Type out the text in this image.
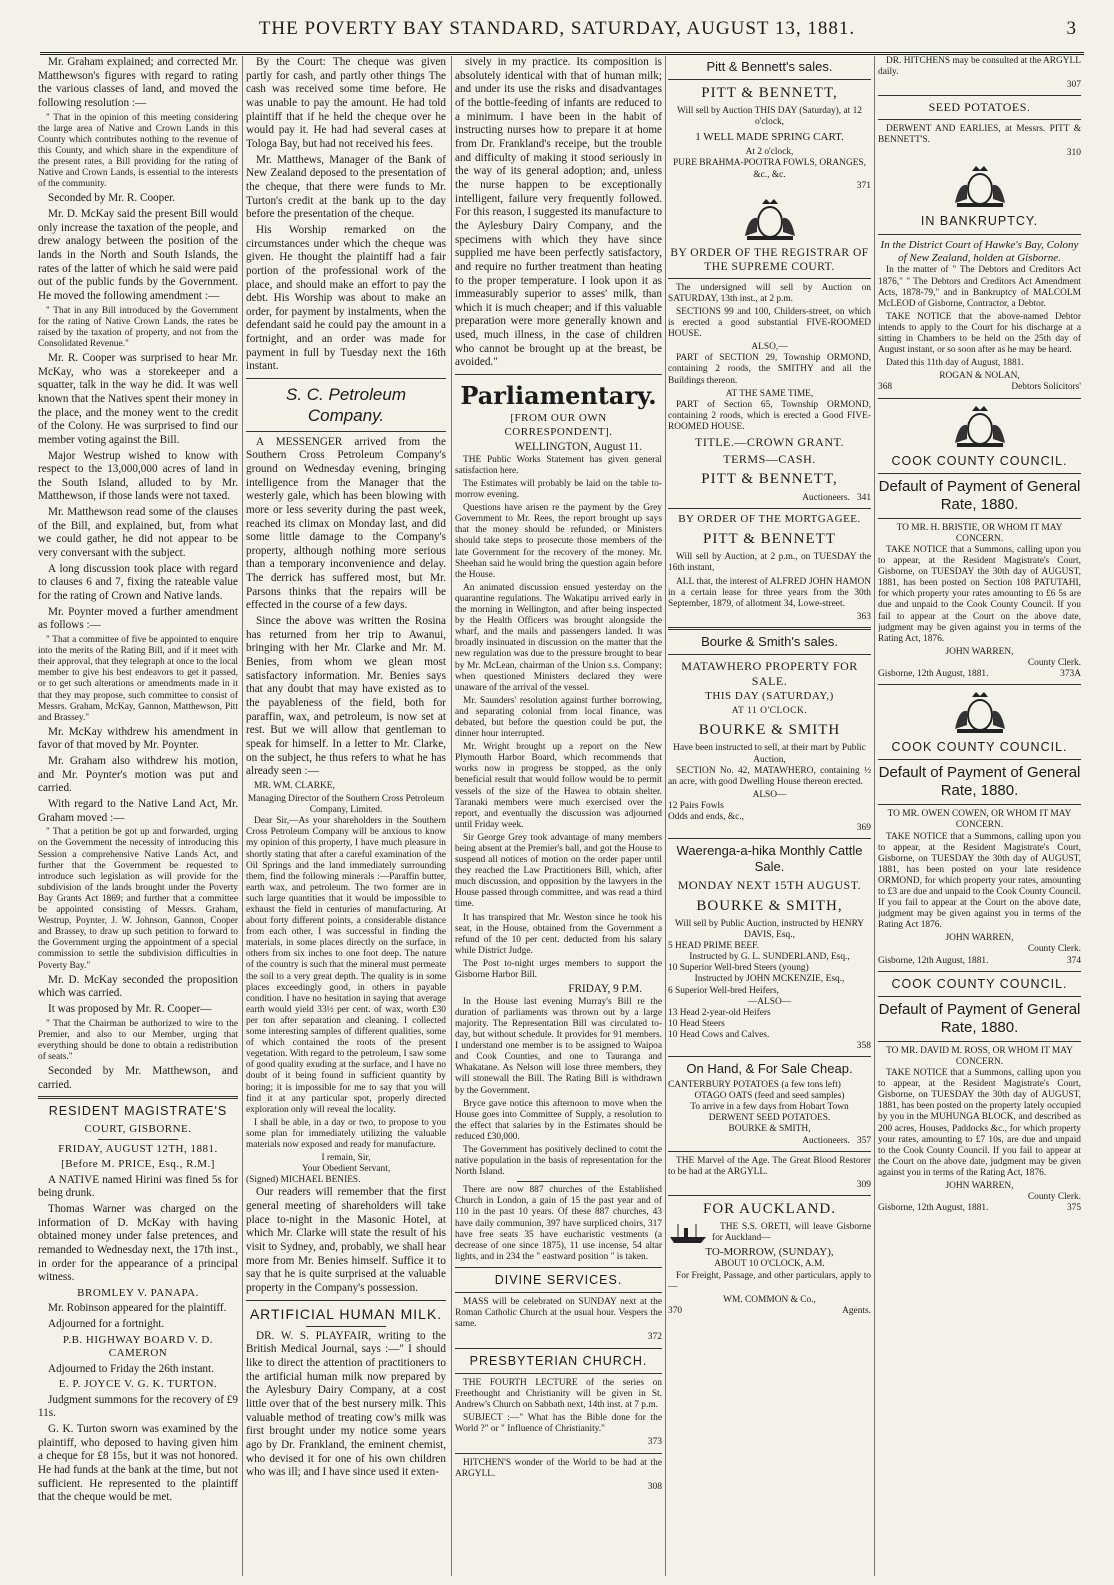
THE POVERTY BAY STANDARD, SATURDAY, AUGUST 13, 1881.	3

Mr. Graham explained; and corrected Mr. Matthewson's figures with regard to rating the various classes of land, and moved the following resolution :—

" That in the opinion of this meeting considering the large area of Native and Crown Lands in this County which contributes nothing to the revenue of this County, and which share in the expenditure of the present rates, a Bill providing for the rating of Native and Crown Lands, is essential to the interests of the community.

Seconded by Mr. R. Cooper.

Mr. D. McKay said the present Bill would only increase the taxation of the people, and drew analogy between the position of the lands in the North and South Islands, the rates of the latter of which he said were paid out of the public funds by the Government. He moved the following amendment :—

" That in any Bill introduced by the Government for the rating of Native Crown Lands, the rates be raised by the taxation of property, and not from the Consolidated Revenue."

Mr. R. Cooper was surprised to hear Mr. McKay, who was a storekeeper and a squatter, talk in the way he did. It was well known that the Natives spent their money in the place, and the money went to the credit of the Colony. He was surprised to find our member voting against the Bill.

Major Westrup wished to know with respect to the 13,000,000 acres of land in the South Island, alluded to by Mr. Matthewson, if those lands were not taxed.

Mr. Matthewson read some of the clauses of the Bill, and explained, but, from what we could gather, he did not appear to be very conversant with the subject.

A long discussion took place with regard to clauses 6 and 7, fixing the rateable value for the rating of Crown and Native lands.

Mr. Poynter moved a further amendment as follows :—

" That a committee of five be appointed to enquire into the merits of the Rating Bill, and if it meet with their approval, that they telegraph at once to the local member to give his best endeavors to get it passed, or to get such alterations or amendments made in it that they may propose, such committee to consist of Messrs. Graham, McKay, Gannon, Matthewson, Pitt and Brassey."

Mr. McKay withdrew his amendment in favor of that moved by Mr. Poynter.

Mr. Graham also withdrew his motion, and Mr. Poynter's motion was put and carried.

With regard to the Native Land Act, Mr. Graham moved :—

" That a petition be got up and forwarded, urging on the Government the necessity of introducing this Session a comprehensive Native Lands Act, and further that the Government be requested to introduce such legislation as will provide for the subdivision of the lands brought under the Poverty Bay Grants Act 1869; and further that a committee be appointed consisting of Messrs. Graham, Westrup, Poynter, J. W. Johnson, Gannon, Cooper and Brassey, to draw up such petition to forward to the Government urging the appointment of a special commission to settle the subdivision difficulties in Poverty Bay."

Mr. D. McKay seconded the proposition which was carried.

It was proposed by Mr. R. Cooper—

" That the Chairman be authorized to wire to the Premier, and also to our Member, urging that everything should be done to obtain a redistribution of seats."

Seconded by Mr. Matthewson, and carried.

RESIDENT MAGISTRATE'S
COURT, GISBORNE.
FRIDAY, AUGUST 12TH, 1881.
[Before M. PRICE, Esq., R.M.]

A NATIVE named Hirini was fined 5s for being drunk.

Thomas Warner was charged on the information of D. McKay with having obtained money under false pretences, and remanded to Wednesday next, the 17th inst., in order for the appearance of a principal witness.

BROMLEY V. PANAPA.

Mr. Robinson appeared for the plaintiff.

Adjourned for a fortnight.

P.B. HIGHWAY BOARD V. D. CAMERON

Adjourned to Friday the 26th instant.

E. P. JOYCE V. G. K. TURTON.

Judgment summons for the recovery of £9 11s.

G. K. Turton sworn was examined by the plaintiff, who deposed to having given him a cheque for £8 15s, but it was not honored. He had funds at the bank at the time, but not sufficient. He represented to the plaintiff that the cheque would be met.

By the Court: The cheque was given partly for cash, and partly other things The cash was received some time before. He was unable to pay the amount. He had told plaintiff that if he held the cheque over he would pay it. He had had several cases at Tologa Bay, but had not received his fees.

Mr. Matthews, Manager of the Bank of New Zealand deposed to the presentation of the cheque, that there were funds to Mr. Turton's credit at the bank up to the day before the presentation of the cheque.

His Worship remarked on the circumstances under which the cheque was given. He thought the plaintiff had a fair portion of the professional work of the place, and should make an effort to pay the debt. His Worship was about to make an order, for payment by instalments, when the defendant said he could pay the amount in a fortnight, and an order was made for payment in full by Tuesday next the 16th instant.

S. C. Petroleum Company.

A MESSENGER arrived from the Southern Cross Petroleum Company's ground on Wednesday evening, bringing intelligence from the Manager that the westerly gale, which has been blowing with more or less severity during the past week, reached its climax on Monday last, and did some little damage to the Company's property, although nothing more serious than a temporary inconvenience and delay. The derrick has suffered most, but Mr. Parsons thinks that the repairs will be effected in the course of a few days.

Since the above was written the Rosina has returned from her trip to Awanui, bringing with her Mr. Clarke and Mr. M. Benies, from whom we glean most satisfactory information. Mr. Benies says that any doubt that may have existed as to the payableness of the field, both for paraffin, wax, and petroleum, is now set at rest. But we will allow that gentleman to speak for himself. In a letter to Mr. Clarke, on the subject, he thus refers to what he has already seen :—

MR. WM. CLARKE,

Managing Director of the Southern Cross Petroleum Company, Limited.

Dear Sir,—As your shareholders in the Southern Cross Petroleum Company will be anxious to know my opinion of this property, I have much pleasure in shortly stating that after a careful examination of the Oil Springs and the land immediately surrounding them, find the following minerals :—Paraffin butter, earth wax, and petroleum. The two former are in such large quantities that it would be impossible to exhaust the field in centuries of manufacturing. At about forty different points, a considerable distance from each other, I was successful in finding the materials, in some places directly on the surface, in others from six inches to one foot deep. The nature of the country is such that the mineral must permeate the soil to a very great depth. The quality is in some places exceedingly good, in others in payable condition. I have no hesitation in saying that average earth would yield 33½ per cent. of wax, worth £30 per ton after separation and cleaning. I collected some interesting samples of different qualities, some of which contained the roots of the present vegetation. With regard to the petroleum, I saw some of good quality exuding at the surface, and I have no doubt of it being found in sufficient quantity by boring; it is impossible for me to say that you will find it at any particular spot, properly directed exploration only will reveal the locality.

I shall be able, in a day or two, to propose to you some plan for immediately utilizing the valuable materials now exposed and ready for manufacture.

I remain, Sir,
Your Obedient Servant,
(Signed) MICHAEL BENIES.

Our readers will remember that the first general meeting of shareholders will take place to-night in the Masonic Hotel, at which Mr. Clarke will state the result of his visit to Sydney, and, probably, we shall hear more from Mr. Benies himself. Suffice it to say that he is quite surprised at the valuable property in the Company's possession.

ARTIFICIAL HUMAN MILK.

DR. W. S. PLAYFAIR, writing to the British Medical Journal, says :—" I should like to direct the attention of practitioners to the artificial human milk now prepared by the Aylesbury Dairy Company, at a cost little over that of the best nursery milk. This valuable method of treating cow's milk was first brought under my notice some years ago by Dr. Frankland, the eminent chemist, who devised it for one of his own children who was ill; and I have since used it exten-

sively in my practice. Its composition is absolutely identical with that of human milk; and under its use the risks and disadvantages of the bottle-feeding of infants are reduced to a minimum. I have been in the habit of instructing nurses how to prepare it at home from Dr. Frankland's receipe, but the trouble and difficulty of making it stood seriously in the way of its general adoption; and, unless the nurse happen to be exceptionally intelligent, failure very frequently followed. For this reason, I suggested its manufacture to the Aylesbury Dairy Company, and the specimens with which they have since supplied me have been perfectly satisfactory, and require no further treatment than heating to the proper temperature. I look upon it as immeasurably superior to asses' milk, than which it is much cheaper; and if this valuable preparation were more generally known and used, much illness, in the case of children who cannot be brought up at the breast, be avoided."

Parliamentary.
[FROM OUR OWN CORRESPONDENT].
WELLINGTON, August 11.

THE Public Works Statement has given general satisfaction here.

The Estimates will probably be laid on the table to-morrow evening.

Questions have arisen re the payment by the Grey Government to Mr. Rees, the report brought up says that the money should be refunded, or Ministers should take steps to prosecute those members of the late Government for the recovery of the money. Mr. Sheehan said he would bring the question again before the House.

An animated discussion ensued yesterday on the quarantine regulations. The Wakatipu arrived early in the morning in Wellington, and after being inspected by the Health Officers was brought alongside the wharf, and the mails and passengers landed. It was broadly insinuated in discussion on the matter that the new regulation was due to the pressure brought to bear by Mr. McLean, chairman of the Union s.s. Company; when questioned Ministers declared they were unaware of the arrival of the vessel.

Mr. Saunders' resolution against further borrowing, and separating colonial from local finance, was debated, but before the question could be put, the dinner hour interrupted.

Mr. Wright brought up a report on the New Plymouth Harbor Board, which recommends that works now in progress be stopped, as the only beneficial result that would follow would be to permit vessels of the size of the Hawea to obtain shelter. Taranaki members were much exercised over the report, and eventually the discussion was adjourned until Friday week.

Sir George Grey took advantage of many members being absent at the Premier's ball, and got the House to suspend all notices of motion on the order paper until they reached the Law Practitioners Bill, which, after much discussion, and opposition by the lawyers in the House passed through committee, and was read a third time.

It has transpired that Mr. Weston since he took his seat, in the House, obtained from the Government a refund of the 10 per cent. deducted from his salary while District Judge.

The Post to-night urges members to support the Gisborne Harbor Bill.

FRIDAY, 9 P.M.

In the House last evening Murray's Bill re the duration of parliaments was thrown out by a large majority. The Representation Bill was circulated to-day, but without schedule. It provides for 91 members. I understand one member is to be assigned to Waipoa and Cook Counties, and one to Tauranga and Whakatane. As Nelson will lose three members, they will stonewall the Bill. The Rating Bill is withdrawn by the Government.

Bryce gave notice this afternoon to move when the House goes into Committee of Supply, a resolution to the effect that salaries by in the Estimates should be reduced £30,000.

The Government has positively declined to cotnt the native population in the basis of representation for the North Island.

There are now 887 churches of the Established Church in London, a gain of 15 the past year and of 110 in the past 10 years. Of these 887 churches, 43 have daily communion, 397 have surpliced choirs, 317 have free seats 35 have eucharistic vestments (a decrease of one since 1875), 11 use incense, 54 altar lights, and in 234 the " eastward position " is taken.

DIVINE SERVICES.

MASS will be celebrated on SUNDAY next at the Roman Catholic Church at the usual hour. Vespers the same.

372
PRESBYTERIAN CHURCH.

THE FOURTH LECTURE of the series on Freethought and Christianity will be given in St. Andrew's Church on Sabbath next, 14th inst. at 7 p.m.

SUBJECT :—" What has the Bible done for the World ?" or " Influence of Christianity."

373

HITCHEN'S wonder of the World to be had at the ARGYLL.

308
Pitt & Bennett's sales.
PITT & BENNETT,
Will sell by Auction THIS DAY (Saturday), at 12 o'clock,
1 WELL MADE SPRING CART.
At 2 o'clock,
PURE BRAHMA-POOTRA FOWLS, ORANGES, &c., &c.
371
BY ORDER OF THE REGISTRAR OF THE SUPREME COURT.

The undersigned will sell by Auction on SATURDAY, 13th inst., at 2 p.m.

SECTIONS 99 and 100, Childers-street, on which is erected a good substantial FIVE-ROOMED HOUSE.

ALSO,—

PART of SECTION 29, Township ORMOND, containing 2 roods, the SMITHY and all the Buildings thereon.

AT THE SAME TIME,

PART of Section 65, Township ORMOND, containing 2 roods, which is erected a Good FIVE-ROOMED HOUSE.

TITLE.—CROWN GRANT.
TERMS—CASH.
PITT & BENNETT,
Auctioneers. 341
BY ORDER OF THE MORTGAGEE.
PITT & BENNETT

Will sell by Auction, at 2 p.m., on TUESDAY the 16th instant,

ALL that, the interest of ALFRED JOHN HAMON in a certain lease for three years from the 30th September, 1879, of allotment 34, Lowe-street.

363
Bourke & Smith's sales.
MATAWHERO PROPERTY FOR SALE.
THIS DAY (SATURDAY,)
AT 11 O'CLOCK.
BOURKE & SMITH
Have been instructed to sell, at their mart by Public Auction,

SECTION No. 42, MATAWHERO, containing ½ an acre, with good Dwelling House thereon erected.

ALSO—
12 Pairs Fowls
Odds and ends, &c.,
369
Waerenga-a-hika Monthly Cattle Sale.
MONDAY NEXT 15TH AUGUST.
BOURKE & SMITH,
Will sell by Public Auction, instructed by HENRY DAVIS, Esq.,
5 HEAD PRIME BEEF.
Instructed by G. L. SUNDERLAND, Esq.,
10 Superior Well-bred Steers (young)
Instructed by JOHN MCKENZIE, Esq.,
6 Superior Well-bred Heifers,
—ALSO—
13 Head 2-year-old Heifers
10 Head Steers
10 Head Cows and Calves.
358
On Hand, & For Sale Cheap.
CANTERBURY POTATOES (a few tons left)
OTAGO OATS (feed and seed samples)
To arrive in a few days from Hobart Town
DERWENT SEED POTATOES.
BOURKE & SMITH,
Auctioneers. 357

THE Marvel of the Age. The Great Blood Restorer to be had at the ARGYLL.

309
FOR AUCKLAND.

THE S.S. ORETI, will leave Gisborne for Auckland—

TO-MORROW, (SUNDAY),
ABOUT 10 O'CLOCK, A.M.

For Freight, Passage, and other particulars, apply to—

WM. COMMON & Co.,
370	Agents.

DR. HITCHENS may be consulted at the ARGYLL daily.

307
SEED POTATOES.

DERWENT AND EARLIES, at Messrs. PITT & BENNETT'S.

310
IN BANKRUPTCY.
In the District Court of Hawke's Bay, Colony of New Zealand, holden at Gisborne.

In the matter of " The Debtors and Creditors Act 1876," " The Debtors and Creditors Act Amendment Acts, 1878-79," and in Bankruptcy of MALCOLM McLEOD of Gisborne, Contractor, a Debtor.

TAKE NOTICE that the above-named Debtor intends to apply to the Court for his discharge at a sitting in Chambers to be held on the 25th day of August instant, or so soon after as he may be heard.

Dated this 11th day of August, 1881.

ROGAN & NOLAN,
368	Debtors Solicitors'
COOK COUNTY COUNCIL.
Default of Payment of General Rate, 1880.
TO MR. H. BRISTIE, OR WHOM IT MAY CONCERN.

TAKE NOTICE that a Summons, calling upon you to appear, at the Resident Magistrate's Court, Gisborne, on TUESDAY the 30th day of AUGUST, 1881, has been posted on Section 108 PATUTAHI, for which property your rates amounting to £6 5s are due and unpaid to the Cook County Council. If you fail to appear at the Court on the above date, judgment may be given against you in terms of the Rating Act, 1876.

JOHN WARREN,
County Clerk.
Gisborne, 12th August, 1881.	373A
COOK COUNTY COUNCIL.
Default of Payment of General Rate, 1880.
TO MR. OWEN COWEN, OR WHOM IT MAY CONCERN.

TAKE NOTICE that a Summons, calling upon you to appear, at the Resident Magistrate's Court, Gisborne, on TUESDAY the 30th day of AUGUST, 1881, has been posted on your late residence ORMOND, for which property your rates, amounting to £3 are due and unpaid to the Cook County Council. If you fail to appear at the Court on the above date, judgment may be given against you in terms of the Rating Act 1876.

JOHN WARREN,
County Clerk.
Gisborne, 12th August, 1881.	374
COOK COUNTY COUNCIL.
Default of Payment of General Rate, 1880.
TO MR. DAVID M. ROSS, OR WHOM IT MAY CONCERN.

TAKE NOTICE that a Summons, calling upon you to appear, at the Resident Magistrate's Court, Gisborne, on TUESDAY the 30th day of AUGUST, 1881, has been posted on the property lately occupied by you in the MUHUNGA BLOCK, and described as 200 acres, Houses, Paddocks &c., for which property your rates, amounting to £7 10s, are due and unpaid to the Cook County Council. If you fail to appear at the Court on the above date, judgment may be given against you in terms of the Rating Act, 1876.

JOHN WARREN,
County Clerk.
Gisborne, 12th August, 1881.	375
